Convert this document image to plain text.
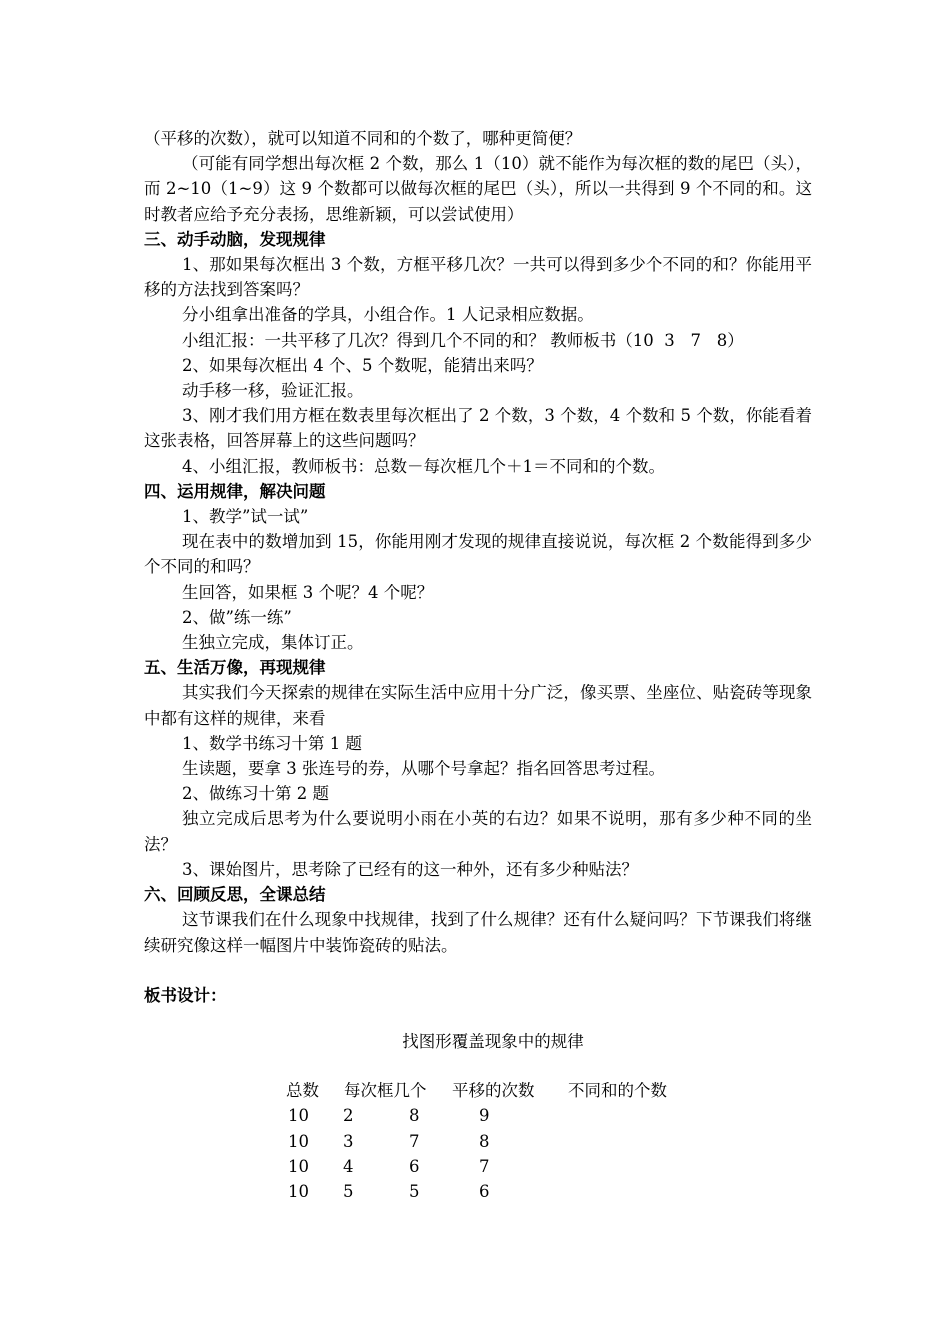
（平移的次数），就可以知道不同和的个数了，哪种更简便？

（可能有同学想出每次框 2 个数，那么 1（10）就不能作为每次框的数的尾巴（头），而 2~10（1~9）这 9 个数都可以做每次框的尾巴（头），所以一共得到 9 个不同的和。这时教者应给予充分表扬，思维新颖，可以尝试使用）

三、动手动脑，发现规律

1、那如果每次框出 3 个数，方框平移几次？一共可以得到多少个不同的和？你能用平移的方法找到答案吗？

分小组拿出准备的学具，小组合作。1 人记录相应数据。

小组汇报：一共平移了几次？得到几个不同的和？ 教师板书（10  3   7   8）

2、如果每次框出 4 个、5 个数呢，能猜出来吗？

动手移一移，验证汇报。

3、刚才我们用方框在数表里每次框出了 2 个数，3 个数，4 个数和 5 个数，你能看着这张表格，回答屏幕上的这些问题吗？

4、小组汇报，教师板书：总数－每次框几个＋1＝不同和的个数。

四、运用规律，解决问题

1、教学”试一试”

现在表中的数增加到 15，你能用刚才发现的规律直接说说，每次框 2 个数能得到多少个不同的和吗？

生回答，如果框 3 个呢？4 个呢？

2、做”练一练”

生独立完成，集体订正。

五、生活万像，再现规律

其实我们今天探索的规律在实际生活中应用十分广泛，像买票、坐座位、贴瓷砖等现象中都有这样的规律，来看

1、数学书练习十第 1 题

生读题，要拿 3 张连号的券，从哪个号拿起？指名回答思考过程。

2、做练习十第 2 题

独立完成后思考为什么要说明小雨在小英的右边？如果不说明，那有多少种不同的坐法？

3、课始图片，思考除了已经有的这一种外，还有多少种贴法？

六、回顾反思，全课总结

这节课我们在什么现象中找规律，找到了什么规律？还有什么疑问吗？下节课我们将继续研究像这样一幅图片中装饰瓷砖的贴法。

板书设计：

找图形覆盖现象中的规律

总数	每次框几个	平移的次数	不同和的个数
10	2	8	9
10	3	7	8
10	4	6	7
10	5	5	6
